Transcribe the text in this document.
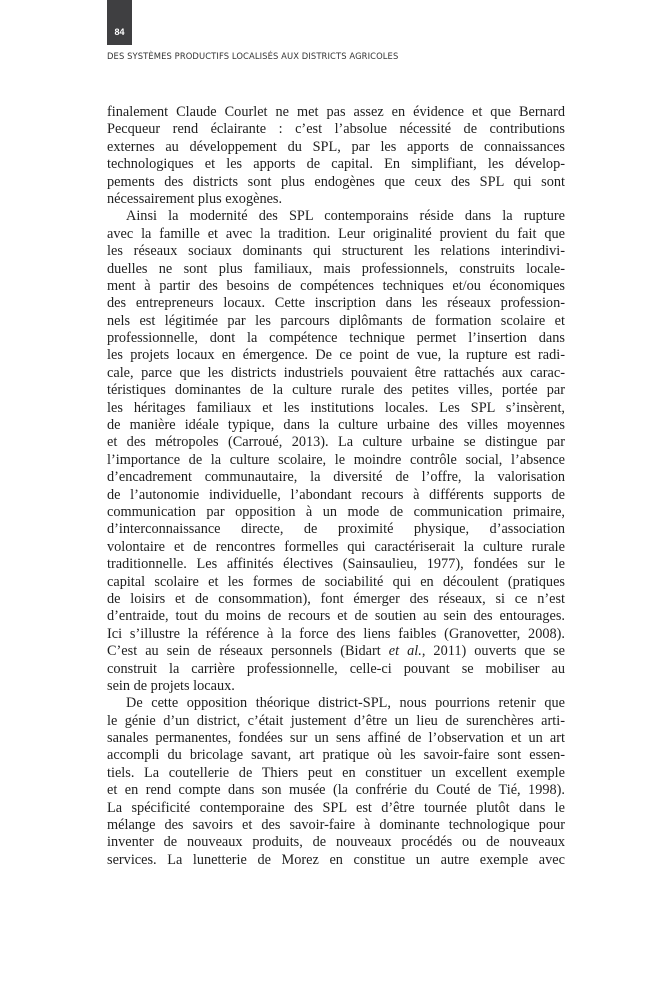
84
DES SYSTÈMES PRODUCTIFS LOCALISÉS AUX DISTRICTS AGRICOLES
finalement Claude Courlet ne met pas assez en évidence et que Bernard
Pecqueur rend éclairante : c’est l’absolue nécessité de contributions
externes au développement du SPL, par les apports de connaissances
technologiques et les apports de capital. En simplifiant, les dévelop-
pements des districts sont plus endogènes que ceux des SPL qui sont
nécessairement plus exogènes.
Ainsi la modernité des SPL contemporains réside dans la rupture
avec la famille et avec la tradition. Leur originalité provient du fait que
les réseaux sociaux dominants qui structurent les relations interindivi-
duelles ne sont plus familiaux, mais professionnels, construits locale-
ment à partir des besoins de compétences techniques et/ou économiques
des entrepreneurs locaux. Cette inscription dans les réseaux profession-
nels est légitimée par les parcours diplômants de formation scolaire et
professionnelle, dont la compétence technique permet l’insertion dans
les projets locaux en émergence. De ce point de vue, la rupture est radi-
cale, parce que les districts industriels pouvaient être rattachés aux carac-
téristiques dominantes de la culture rurale des petites villes, portée par
les héritages familiaux et les institutions locales. Les SPL s’insèrent,
de manière idéale typique, dans la culture urbaine des villes moyennes
et des métropoles (Carroué, 2013). La culture urbaine se distingue par
l’importance de la culture scolaire, le moindre contrôle social, l’absence
d’encadrement communautaire, la diversité de l’offre, la valorisation
de l’autonomie individuelle, l’abondant recours à différents supports de
communication par opposition à un mode de communication primaire,
d’interconnaissance directe, de proximité physique, d’association
volontaire et de rencontres formelles qui caractériserait la culture rurale
traditionnelle. Les affinités électives (Sainsaulieu, 1977), fondées sur le
capital scolaire et les formes de sociabilité qui en découlent (pratiques
de loisirs et de consommation), font émerger des réseaux, si ce n’est
d’entraide, tout du moins de recours et de soutien au sein des entourages.
Ici s’illustre la référence à la force des liens faibles (Granovetter, 2008).
C’est au sein de réseaux personnels (Bidart et al., 2011) ouverts que se
construit la carrière professionnelle, celle-ci pouvant se mobiliser au
sein de projets locaux.
De cette opposition théorique district-SPL, nous pourrions retenir que
le génie d’un district, c’était justement d’être un lieu de surenchères arti-
sanales permanentes, fondées sur un sens affiné de l’observation et un art
accompli du bricolage savant, art pratique où les savoir-faire sont essen-
tiels. La coutellerie de Thiers peut en constituer un excellent exemple
et en rend compte dans son musée (la confrérie du Couté de Tié, 1998).
La spécificité contemporaine des SPL est d’être tournée plutôt dans le
mélange des savoirs et des savoir-faire à dominante technologique pour
inventer de nouveaux produits, de nouveaux procédés ou de nouveaux
services. La lunetterie de Morez en constitue un autre exemple avec
